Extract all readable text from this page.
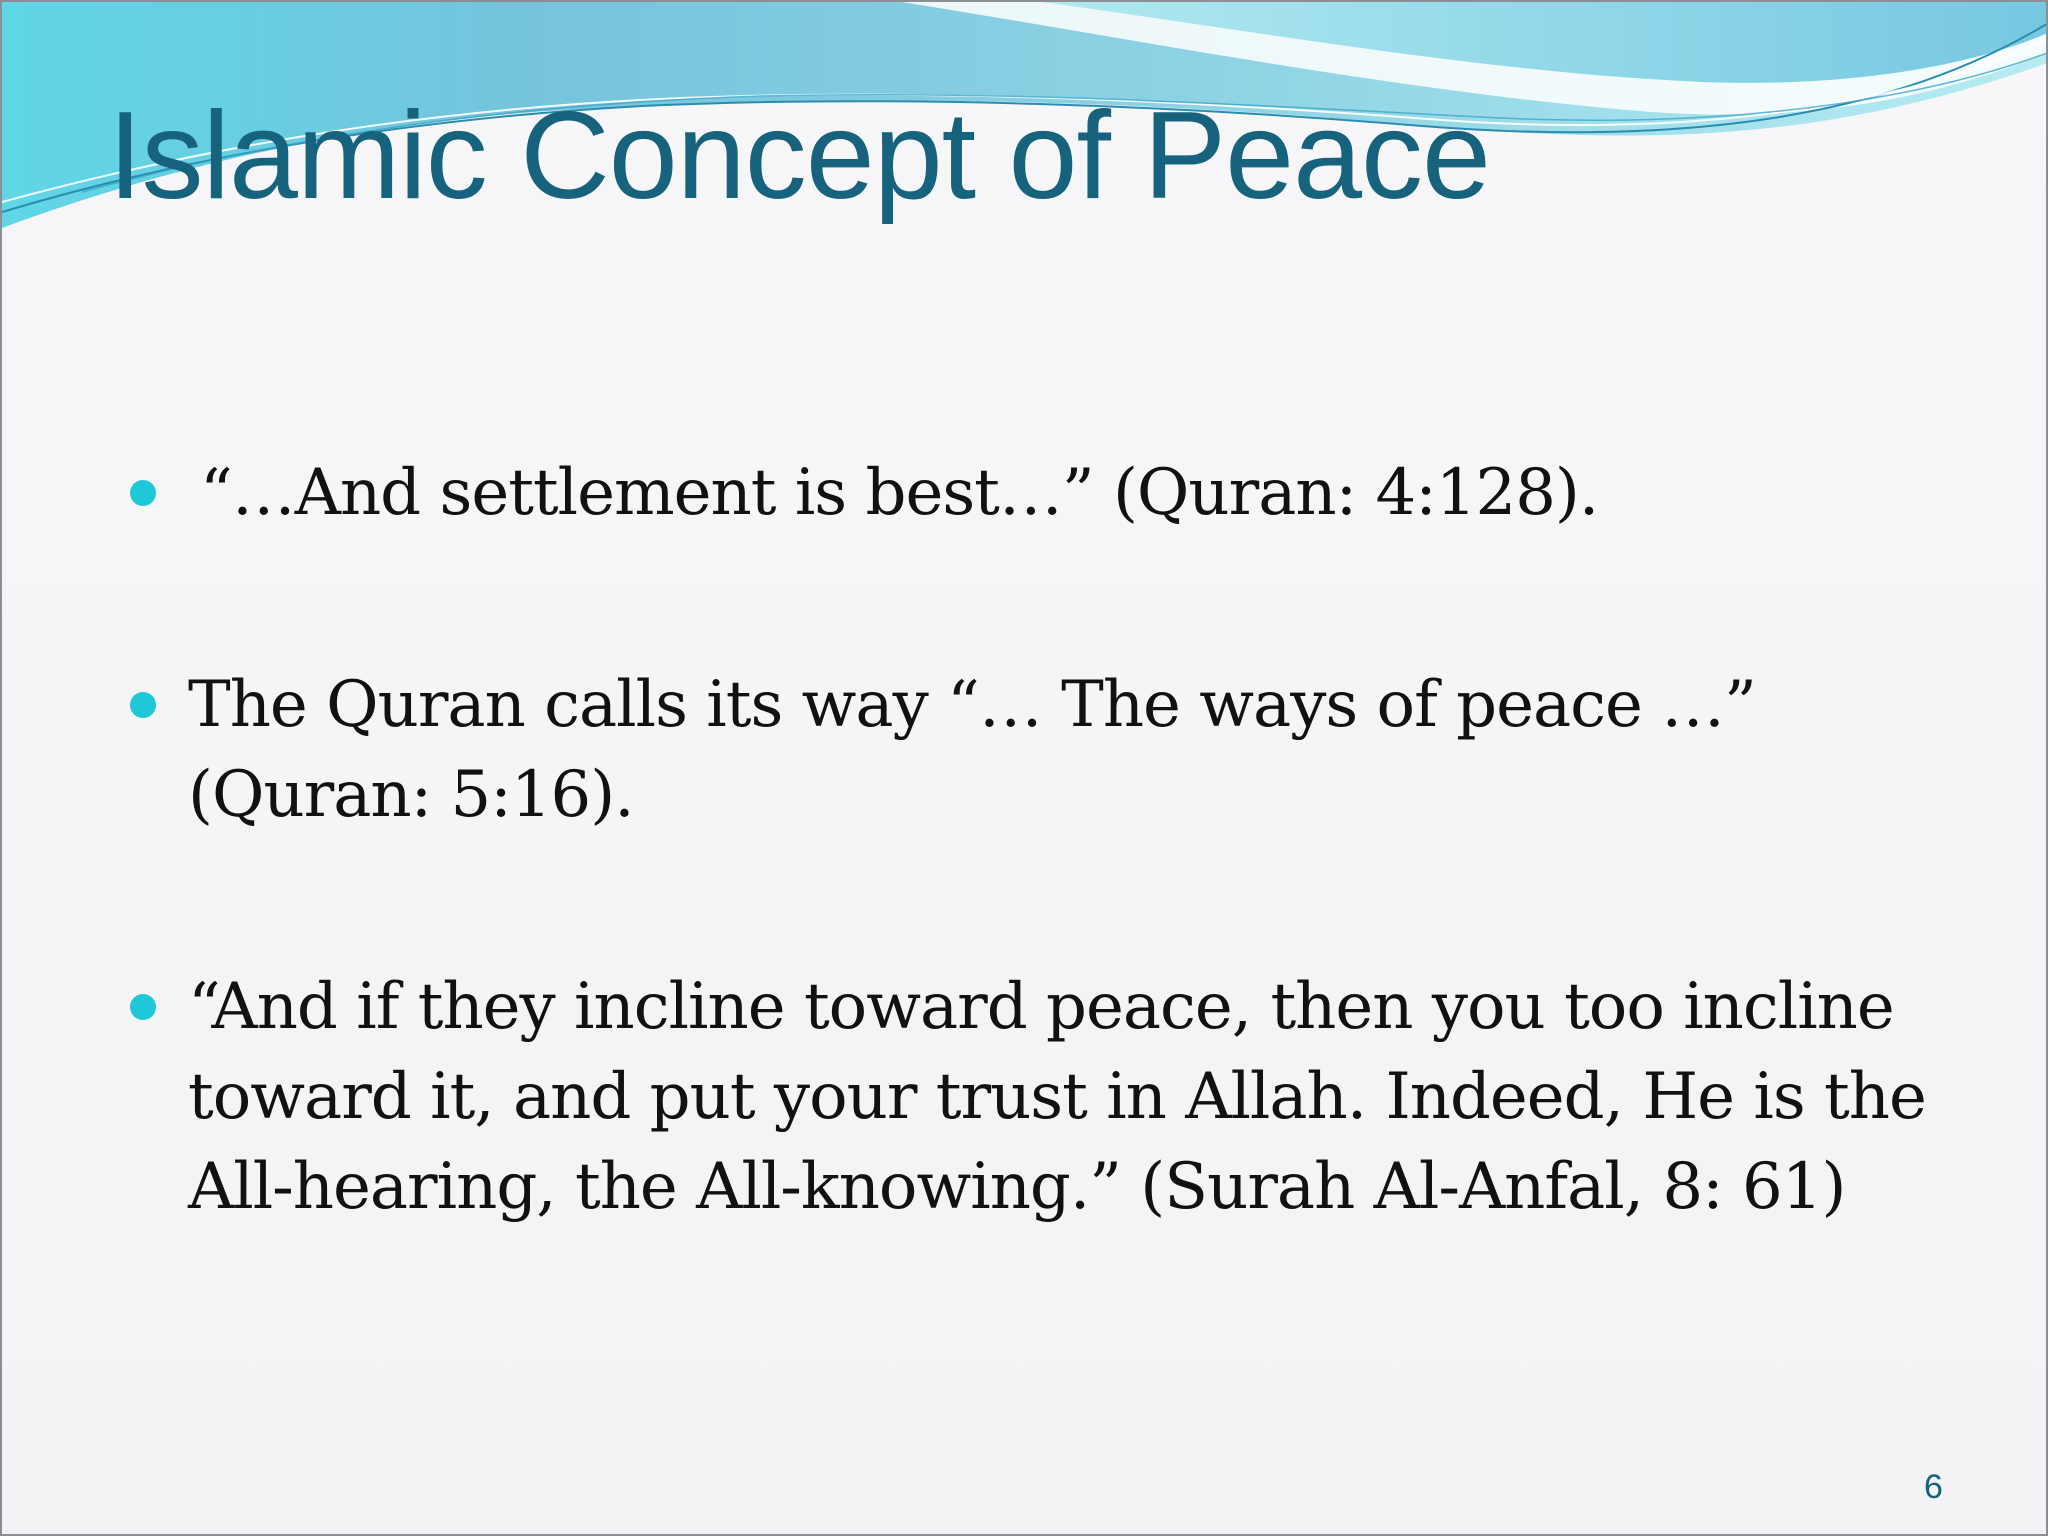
Islamic Concept of Peace
“…And settlement is best…” (Quran: 4:128).
The Quran calls its way “… The ways of peace …” (Quran: 5:16).
“And if they incline toward peace, then you too incline toward it, and put your trust in Allah. Indeed, He is the All-hearing, the All-knowing.” (Surah Al-Anfal, 8: 61)
6
